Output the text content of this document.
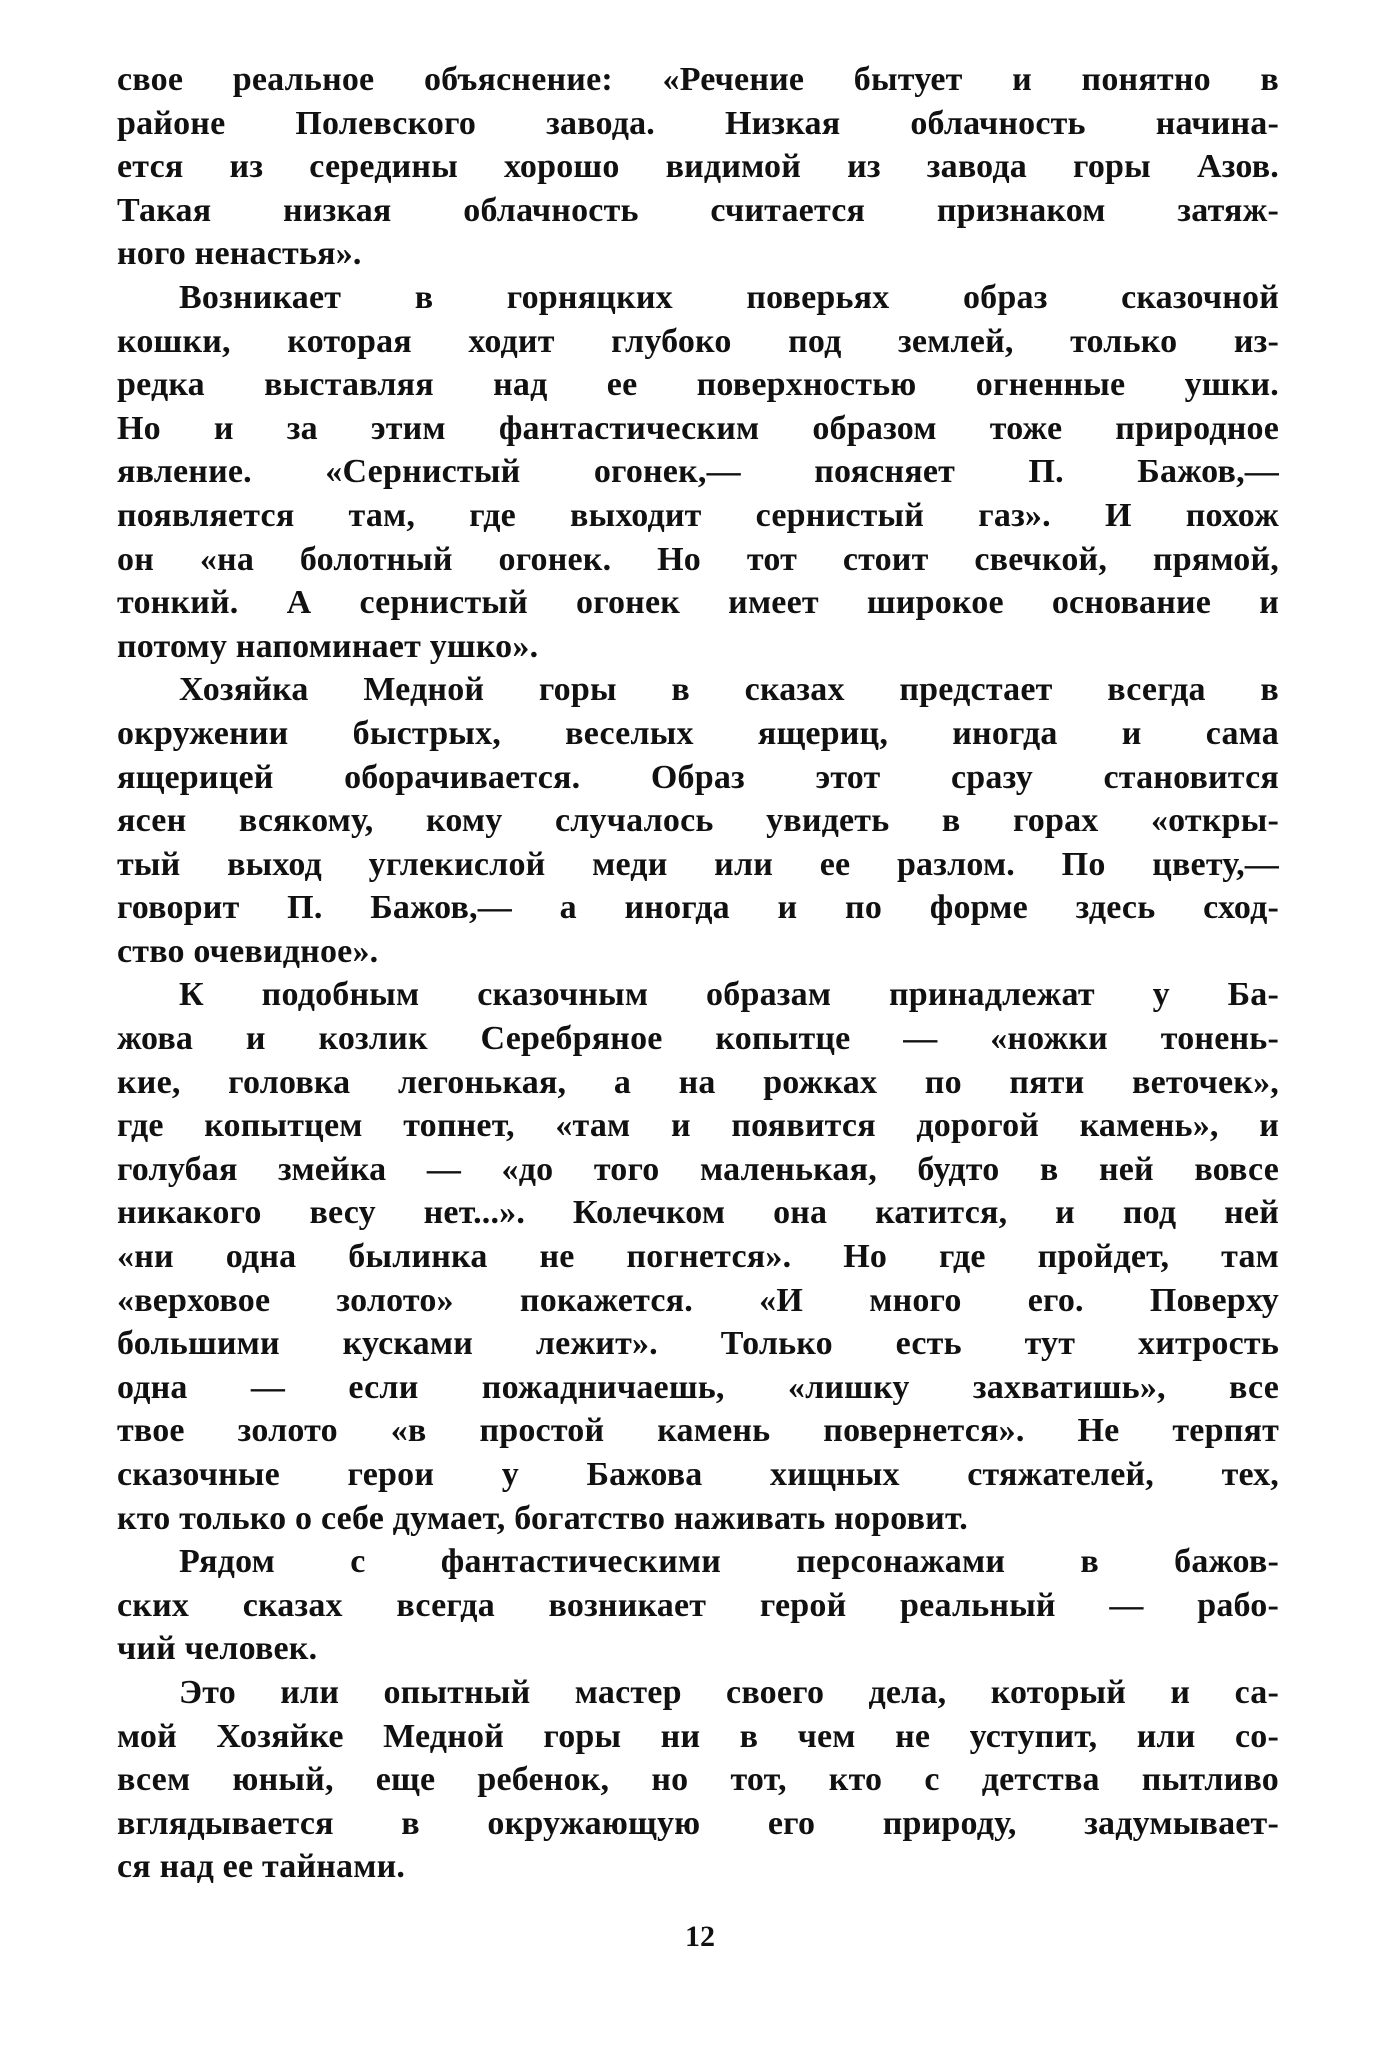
свое реальное объяснение: «Речение бытует и понятно в
районе Полевского завода. Низкая облачность начина-
ется из середины хорошо видимой из завода горы Азов.
Такая низкая облачность считается признаком затяж-
ного ненастья».
Возникает в горняцких поверьях образ сказочной
кошки, которая ходит глубоко под землей, только из-
редка выставляя над ее поверхностью огненные ушки.
Но и за этим фантастическим образом тоже природное
явление. «Сернистый огонек,— поясняет П. Бажов,—
появляется там, где выходит сернистый газ». И похож
он «на болотный огонек. Но тот стоит свечкой, прямой,
тонкий. А сернистый огонек имеет широкое основание и
потому напоминает ушко».
Хозяйка Медной горы в сказах предстает всегда в
окружении быстрых, веселых ящериц, иногда и сама
ящерицей оборачивается. Образ этот сразу становится
ясен всякому, кому случалось увидеть в горах «откры-
тый выход углекислой меди или ее разлом. По цвету,—
говорит П. Бажов,— а иногда и по форме здесь сход-
ство очевидное».
К подобным сказочным образам принадлежат у Ба-
жова и козлик Серебряное копытце — «ножки тонень-
кие, головка легонькая, а на рожках по пяти веточек»,
где копытцем топнет, «там и появится дорогой камень», и
голубая змейка — «до того маленькая, будто в ней вовсе
никакого весу нет...». Колечком она катится, и под ней
«ни одна былинка не погнется». Но где пройдет, там
«верховое золото» покажется. «И много его. Поверху
большими кусками лежит». Только есть тут хитрость
одна — если пожадничаешь, «лишку захватишь», все
твое золото «в простой камень повернется». Не терпят
сказочные герои у Бажова хищных стяжателей, тех,
кто только о себе думает, богатство наживать норовит.
Рядом с фантастическими персонажами в бажов-
ских сказах всегда возникает герой реальный — рабо-
чий человек.
Это или опытный мастер своего дела, который и са-
мой Хозяйке Медной горы ни в чем не уступит, или со-
всем юный, еще ребенок, но тот, кто с детства пытливо
вглядывается в окружающую его природу, задумывает-
ся над ее тайнами.
12
